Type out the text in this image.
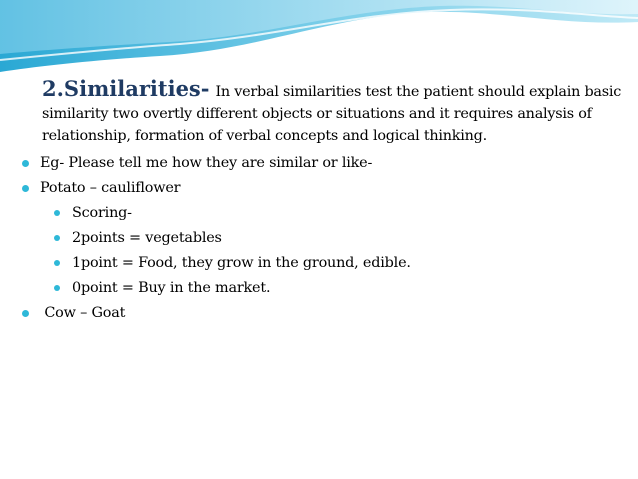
2.Similarities- In verbal similarities test the patient should explain basic similarity two overtly different objects or situations and it requires analysis of relationship, formation of verbal concepts and logical thinking.

Eg- Please tell me how they are similar or like-
Potato – cauliflower
Scoring-
2points = vegetables
1point = Food, they grow in the ground, edible.
0point = Buy in the market.
Cow – Goat
